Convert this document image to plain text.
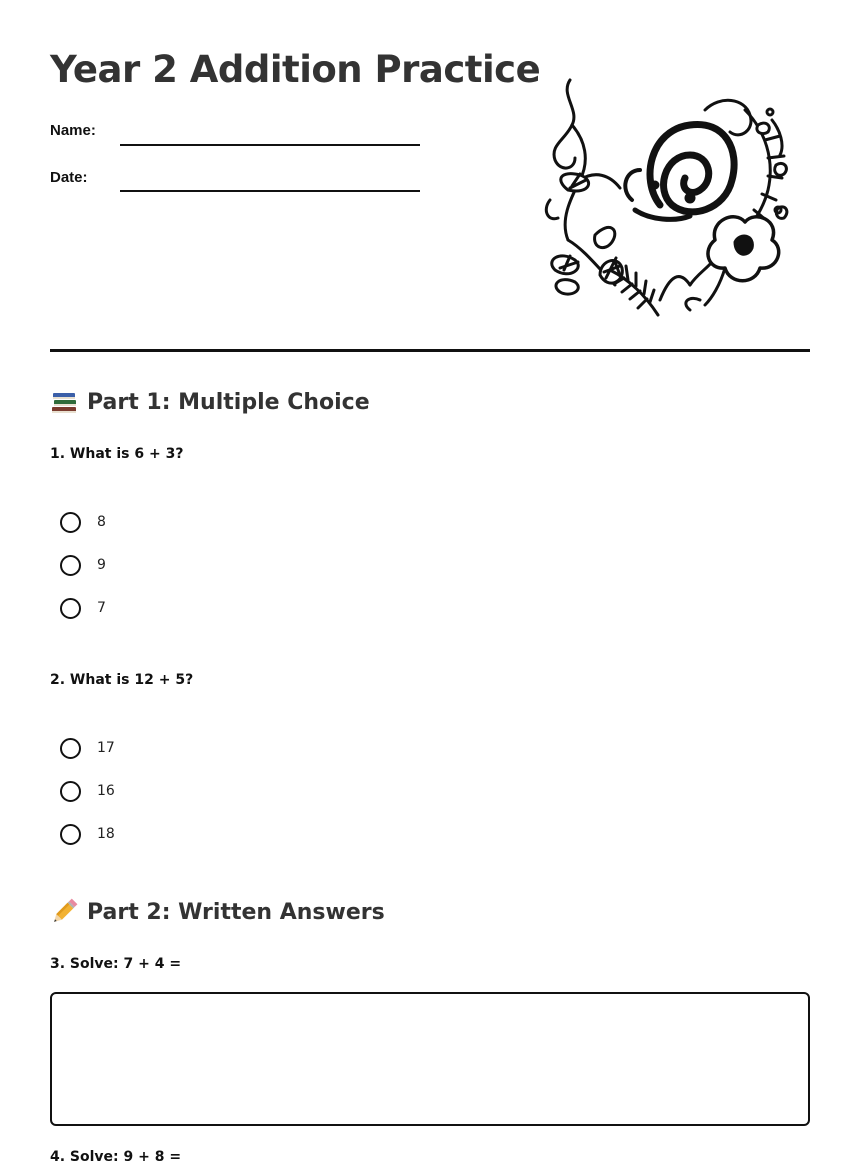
Year 2 Addition Practice
Name:
Date:
Part 1: Multiple Choice
1. What is 6 + 3?
8
9
7
2. What is 12 + 5?
17
16
18
Part 2: Written Answers
3. Solve: 7 + 4 =
4. Solve: 9 + 8 =
